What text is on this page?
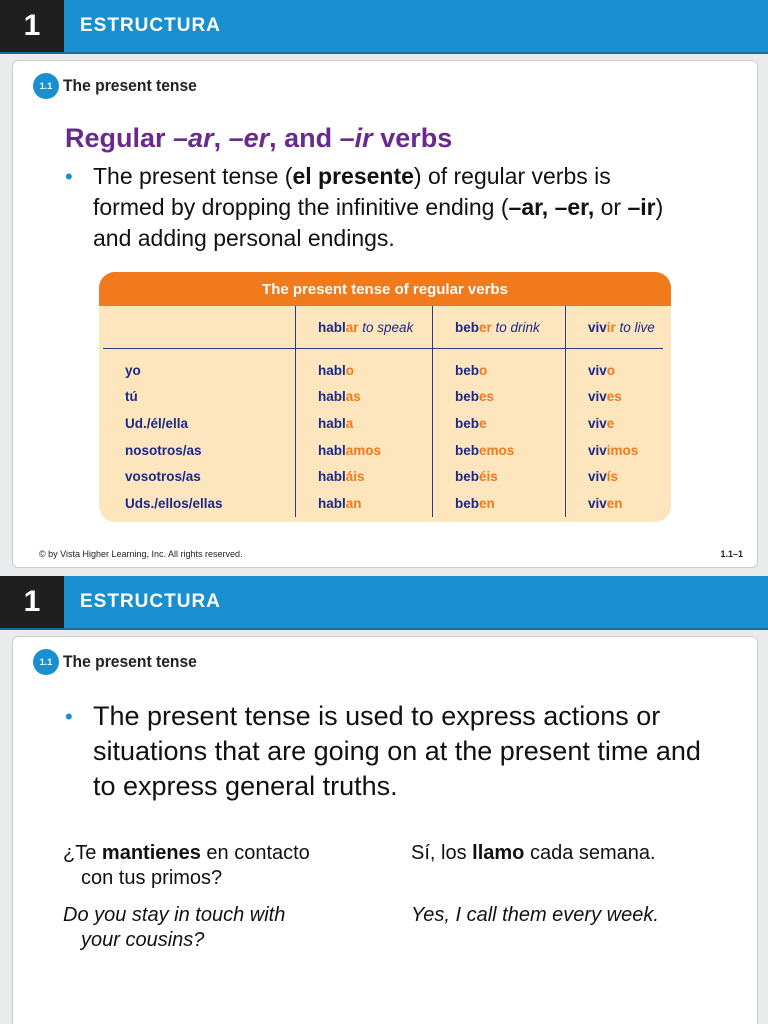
1	ESTRUCTURA
1.1 The present tense
Regular –ar, –er, and –ir verbs
• The present tense (el presente) of regular verbs is formed by dropping the infinitive ending (–ar, –er, or –ir) and adding personal endings.
The present tense of regular verbs
	hablar to speak	beber to drink	vivir to live
yo	hablo	bebo	vivo
tú	hablas	bebes	vives
Ud./él/ella	habla	bebe	vive
nosotros/as	hablamos	bebemos	vivimos
vosotros/as	habláis	bebéis	vivís
Uds./ellos/ellas	hablan	beben	viven
© by Vista Higher Learning, Inc. All rights reserved.	1.1–1
1	ESTRUCTURA
1.1 The present tense
• The present tense is used to express actions or situations that are going on at the present time and to express general truths.
¿Te mantienes en contacto
con tus primos?
Sí, los llamo cada semana.
Do you stay in touch with
your cousins?
Yes, I call them every week.
